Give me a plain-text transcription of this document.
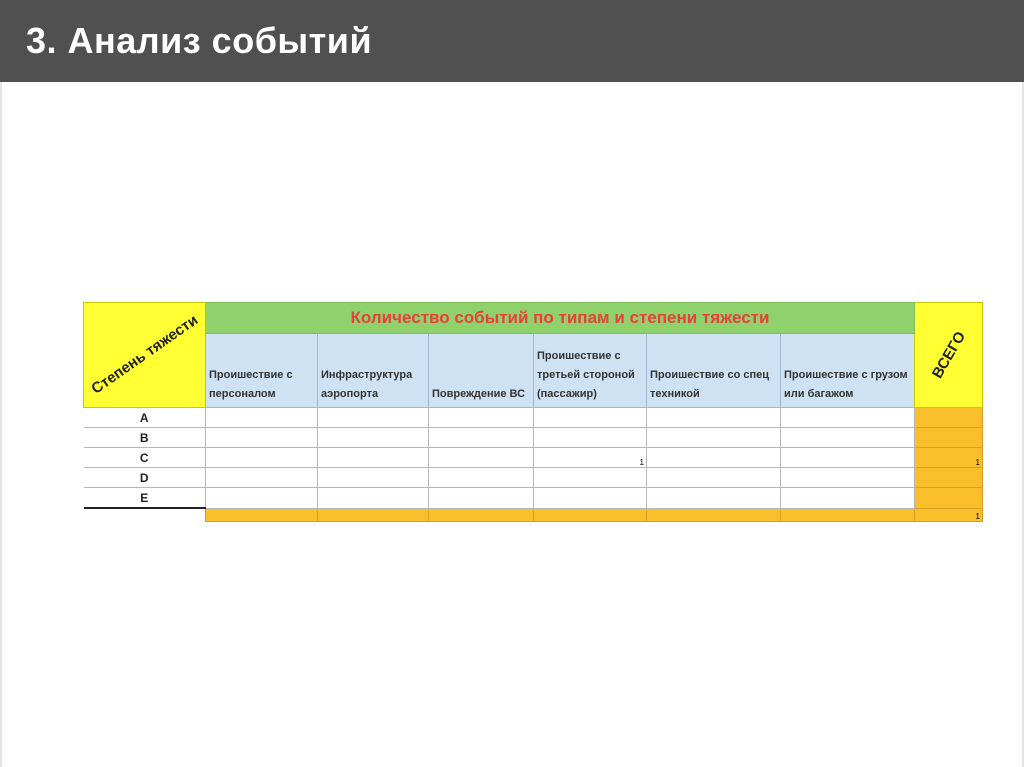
3. Анализ событий
Степень тяжести	Количество событий по типам и степени тяжести						ВСЕГО

	Проишествие с персоналом	Инфраструктура аэропорта	Повреждение ВС	Проишествие с третьей стороной (пассажир)	Проишествие со спец техникой	Проишествие с грузом или багажом	
A							
B							
C				1			1
D							
E							
							1
